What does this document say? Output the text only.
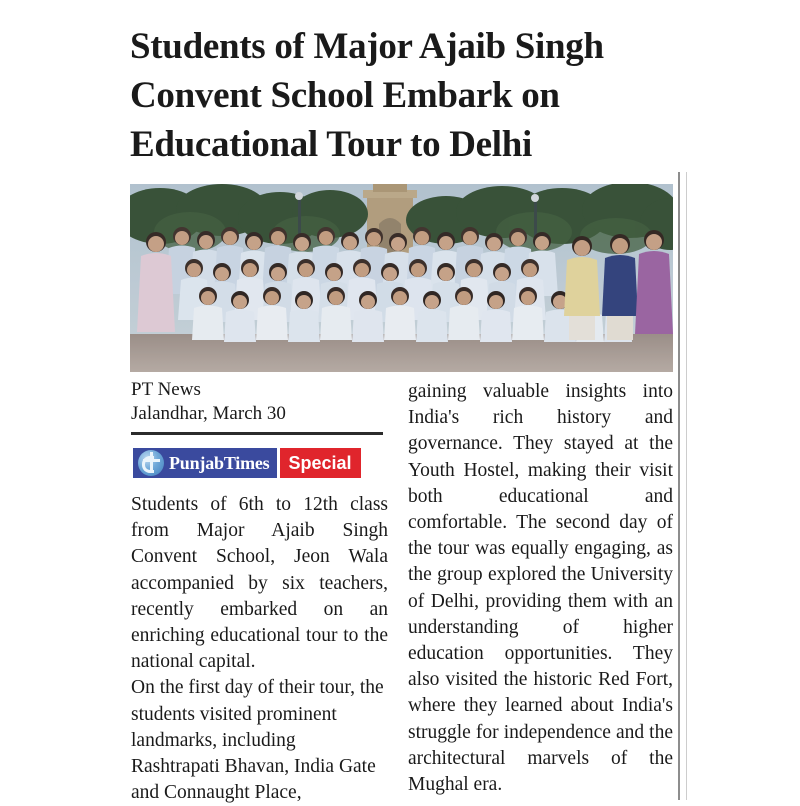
Students of Major Ajaib Singh
Convent School Embark on
Educational Tour to Delhi
PT News
Jalandhar, March 30
PunjabTimes Special

Students of 6th to 12th class from Major Ajaib Singh Convent School, Jeon Wala accompanied by six teachers, recently embarked on an enriching educational tour to the national capital.

On the first day of their tour, the students visited prominent landmarks, including Rashtrapati Bhavan, India Gate and Connaught Place,

gaining valuable insights into India's rich history and governance. They stayed at the Youth Hostel, making their visit both educational and comfortable. The second day of the tour was equally engaging, as the group explored the University of Delhi, providing them with an understanding of higher education opportunities. They also visited the historic Red Fort, where they learned about India's struggle for independence and the architectural marvels of the Mughal era.
